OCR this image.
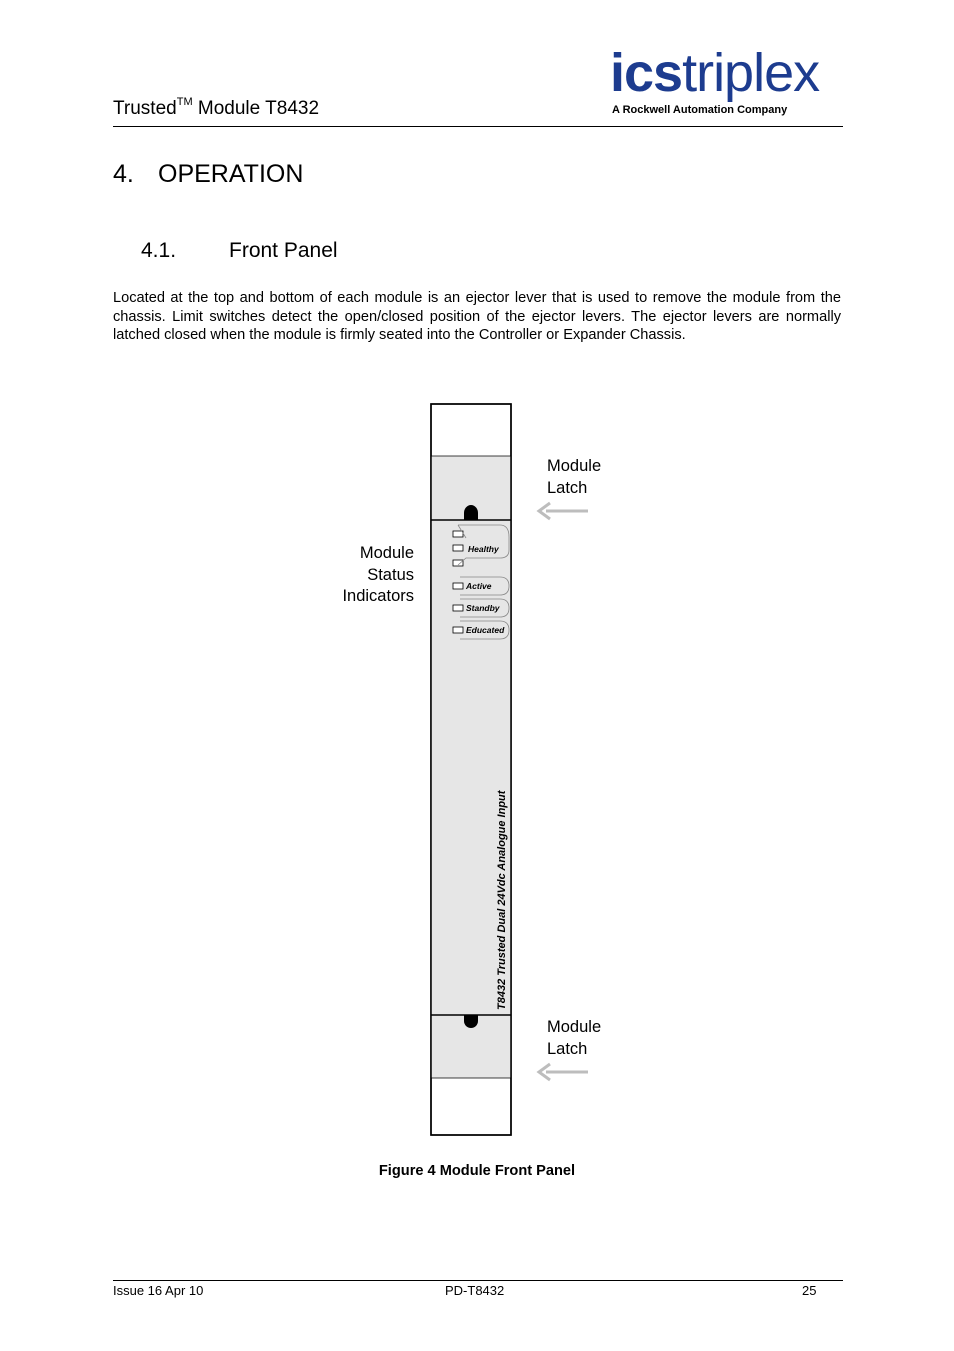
Trusted™ Module T8432
icstriplex
A Rockwell Automation Company
4. OPERATION
4.1.	Front Panel
Located at the top and bottom of each module is an ejector lever that is used to remove the module from the chassis. Limit switches detect the open/closed position of the ejector levers. The ejector levers are normally latched closed when the module is firmly seated into the Controller or Expander Chassis.
Module
Status
Indicators
Module
Latch
Module
Latch
Healthy
Active
Standby
Educated
T8432 Trusted Dual 24Vdc Analogue Input
Figure 4 Module Front Panel
Issue 16 Apr 10	PD-T8432	25
